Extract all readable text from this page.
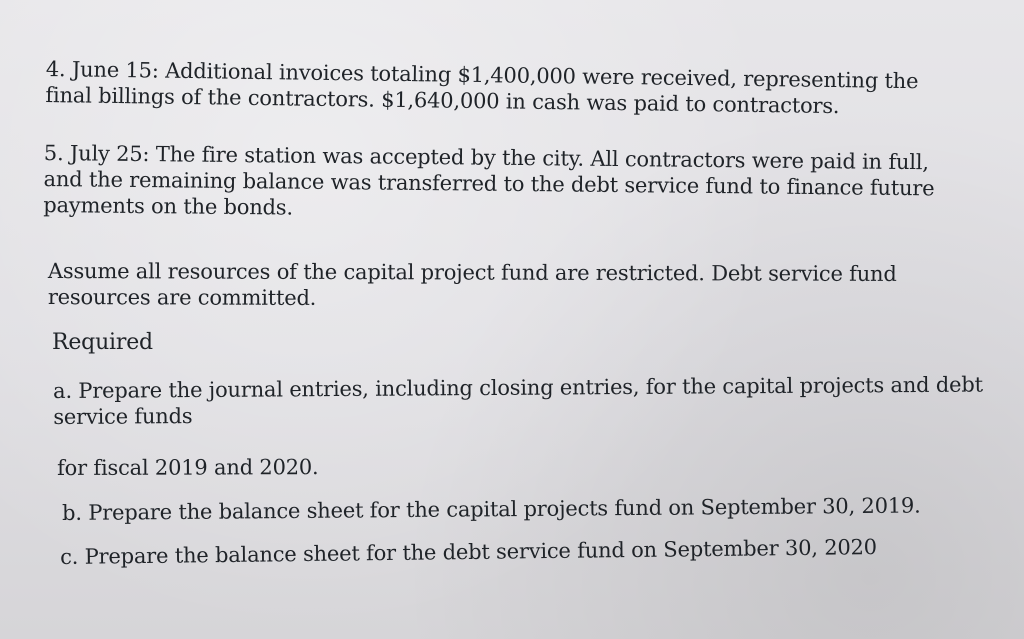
4. June 15: Additional invoices totaling $1,400,000 were received, representing the
final billings of the contractors. $1,640,000 in cash was paid to contractors.

5. July 25: The fire station was accepted by the city. All contractors were paid in full,
and the remaining balance was transferred to the debt service fund to finance future
payments on the bonds.

Assume all resources of the capital project fund are restricted. Debt service fund
resources are committed.

Required

a. Prepare the journal entries, including closing entries, for the capital projects and debt
service funds

for fiscal 2019 and 2020.

b. Prepare the balance sheet for the capital projects fund on September 30, 2019.

c. Prepare the balance sheet for the debt service fund on September 30, 2020
